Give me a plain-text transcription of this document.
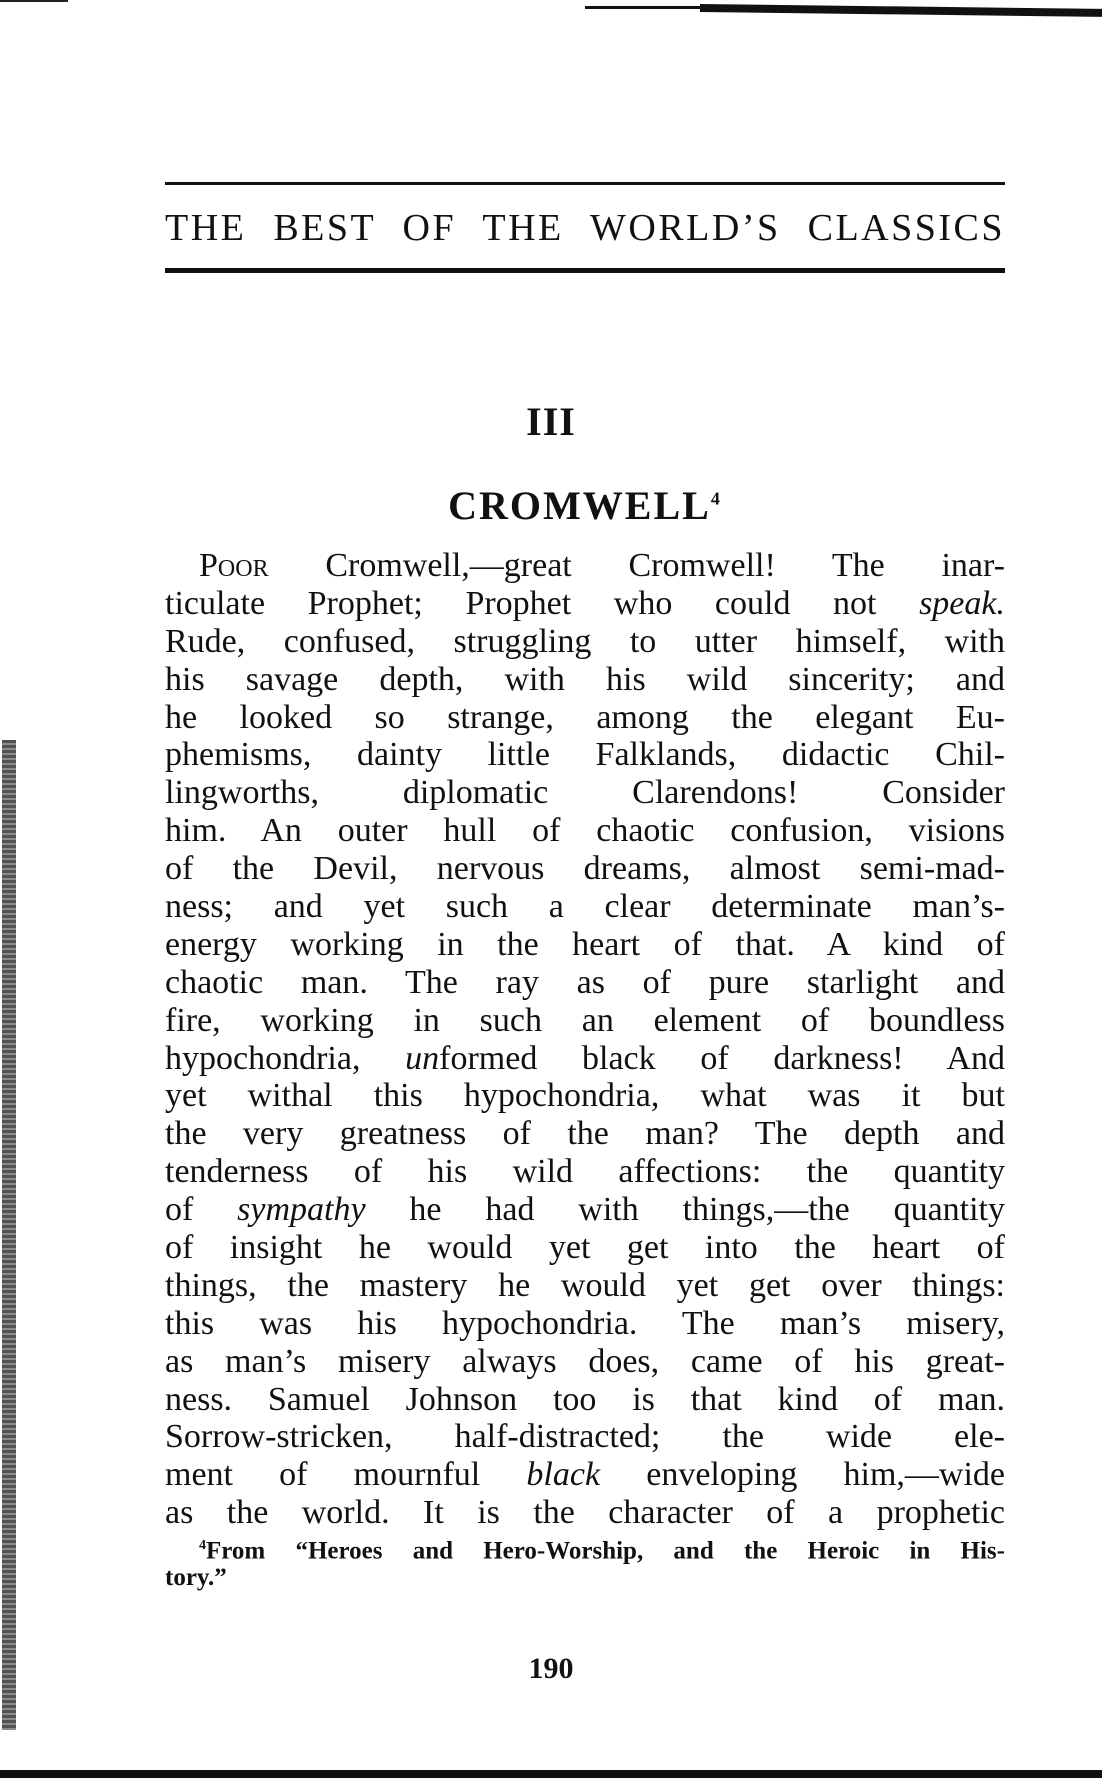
THE BEST OF THE WORLD’S CLASSICS
III
CROMWELL$^4$
Poor Cromwell,—great Cromwell! The inar-
ticulate Prophet; Prophet who could not speak.
Rude, confused, struggling to utter himself, with
his savage depth, with his wild sincerity; and
he looked so strange, among the elegant Eu-
phemisms, dainty little Falklands, didactic Chil-
lingworths, diplomatic Clarendons! Consider
him. An outer hull of chaotic confusion, visions
of the Devil, nervous dreams, almost semi-mad-
ness; and yet such a clear determinate man’s-
energy working in the heart of that. A kind of
chaotic man. The ray as of pure starlight and
fire, working in such an element of boundless
hypochondria, unformed black of darkness! And
yet withal this hypochondria, what was it but
the very greatness of the man? The depth and
tenderness of his wild affections: the quantity
of sympathy he had with things,—the quantity
of insight he would yet get into the heart of
things, the mastery he would yet get over things:
this was his hypochondria. The man’s misery,
as man’s misery always does, came of his great-
ness. Samuel Johnson too is that kind of man.
Sorrow-stricken, half-distracted; the wide ele-
ment of mournful black enveloping him,—wide
as the world. It is the character of a prophetic
$^4$From “Heroes and Hero-Worship, and the Heroic in His-
tory.”
190
